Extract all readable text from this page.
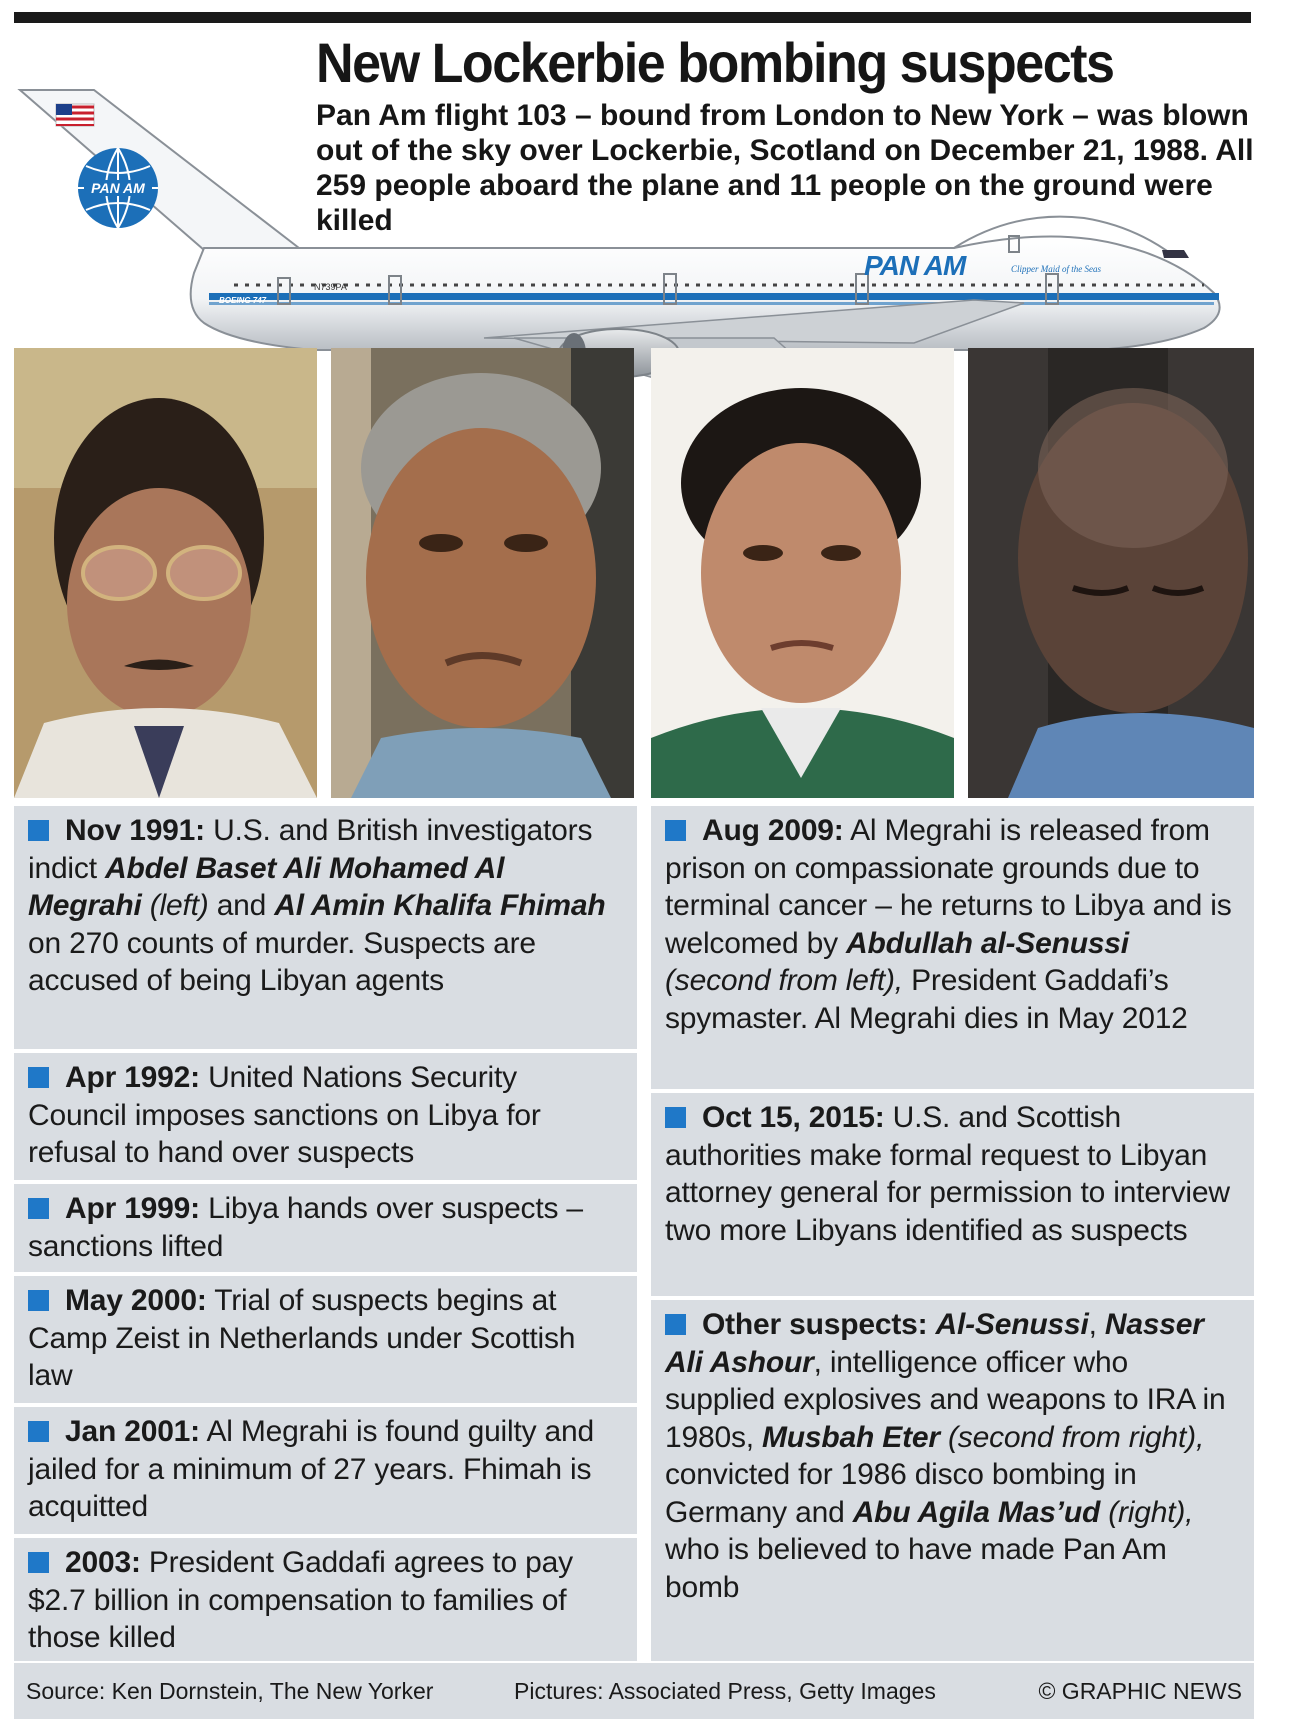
PAN AM
PAN AM	Clipper Maid of the Seas
N739PA
BOEING 747
New Lockerbie bombing suspects
Pan Am flight 103 – bound from London to New York – was blown out of the sky over Lockerbie, Scotland on December 21, 1988. All 259 people aboard the plane and 11 people on the ground were killed
Nov 1991: U.S. and British investigators indict Abdel Baset Ali Mohamed Al Megrahi (left) and Al Amin Khalifa Fhimah on 270 counts of murder. Suspects are accused of being Libyan agents
Apr 1992: United Nations Security Council imposes sanctions on Libya for refusal to hand over suspects
Apr 1999: Libya hands over suspects – sanctions lifted
May 2000: Trial of suspects begins at Camp Zeist in Netherlands under Scottish law
Jan 2001: Al Megrahi is found guilty and jailed for a minimum of 27 years. Fhimah is acquitted
2003: President Gaddafi agrees to pay $2.7 billion in compensation to families of those killed
Aug 2009: Al Megrahi is released from prison on compassionate grounds due to terminal cancer – he returns to Libya and is welcomed by Abdullah al-Senussi (second from left), President Gaddafi’s spymaster. Al Megrahi dies in May 2012
Oct 15, 2015: U.S. and Scottish authorities make formal request to Libyan attorney general for permission to interview two more Libyans identified as suspects
Other suspects: Al-Senussi, Nasser Ali Ashour, intelligence officer who supplied explosives and weapons to IRA in 1980s, Musbah Eter (second from right), convicted for 1986 disco bombing in Germany and Abu Agila Mas’ud (right), who is believed to have made Pan Am bomb
Source: Ken Dornstein, The New Yorker	Pictures: Associated Press, Getty Images	© GRAPHIC NEWS
